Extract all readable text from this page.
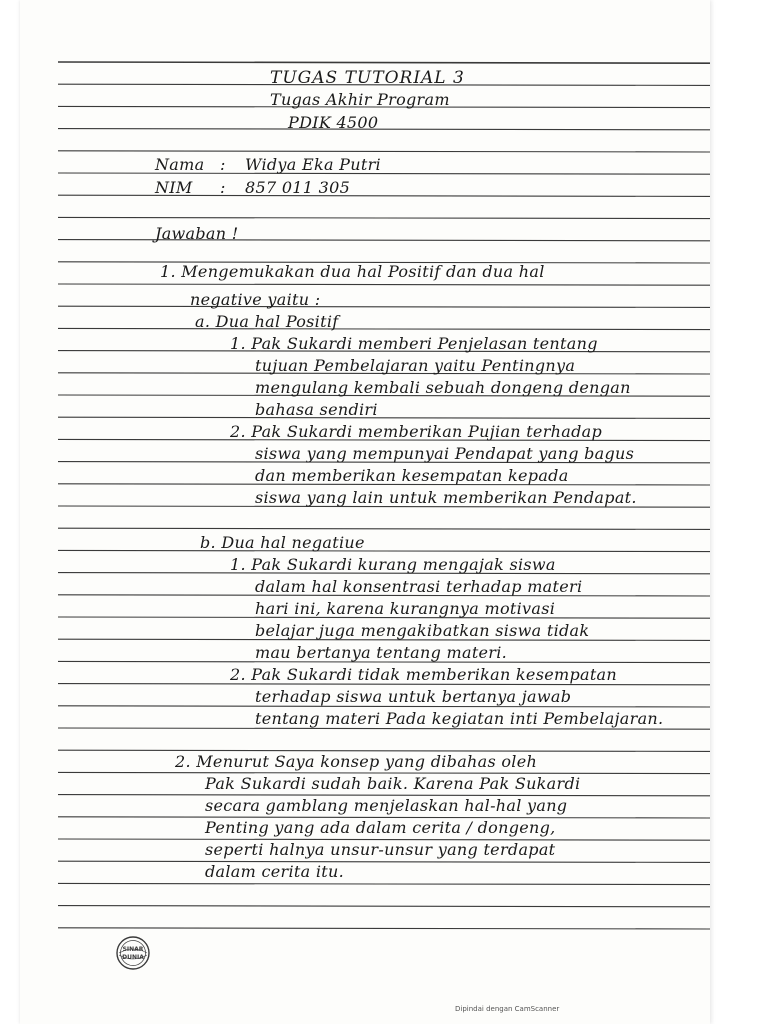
TUGAS TUTORIAL 3
Tugas Akhir Program
PDIK 4500
Nama : Widya Eka Putri
NIM : 857 011 305
Jawaban !
1. Mengemukakan dua hal Positif dan dua hal
negative yaitu :
a. Dua hal Positif
1. Pak Sukardi memberi Penjelasan tentang
tujuan Pembelajaran yaitu Pentingnya
mengulang kembali sebuah dongeng dengan
bahasa sendiri
2. Pak Sukardi memberikan Pujian terhadap
siswa yang mempunyai Pendapat yang bagus
dan memberikan kesempatan kepada
siswa yang lain untuk memberikan Pendapat.
b. Dua hal negatiue
1. Pak Sukardi kurang mengajak siswa
dalam hal konsentrasi terhadap materi
hari ini, karena kurangnya motivasi
belajar juga mengakibatkan siswa tidak
mau bertanya tentang materi.
2. Pak Sukardi tidak memberikan kesempatan
terhadap siswa untuk bertanya jawab
tentang materi Pada kegiatan inti Pembelajaran.
2. Menurut Saya konsep yang dibahas oleh
Pak Sukardi sudah baik. Karena Pak Sukardi
secara gamblang menjelaskan hal-hal yang
Penting yang ada dalam cerita / dongeng,
seperti halnya unsur-unsur yang terdapat
dalam cerita itu.
SINAR
DUNIA
Dipindai dengan CamScanner
